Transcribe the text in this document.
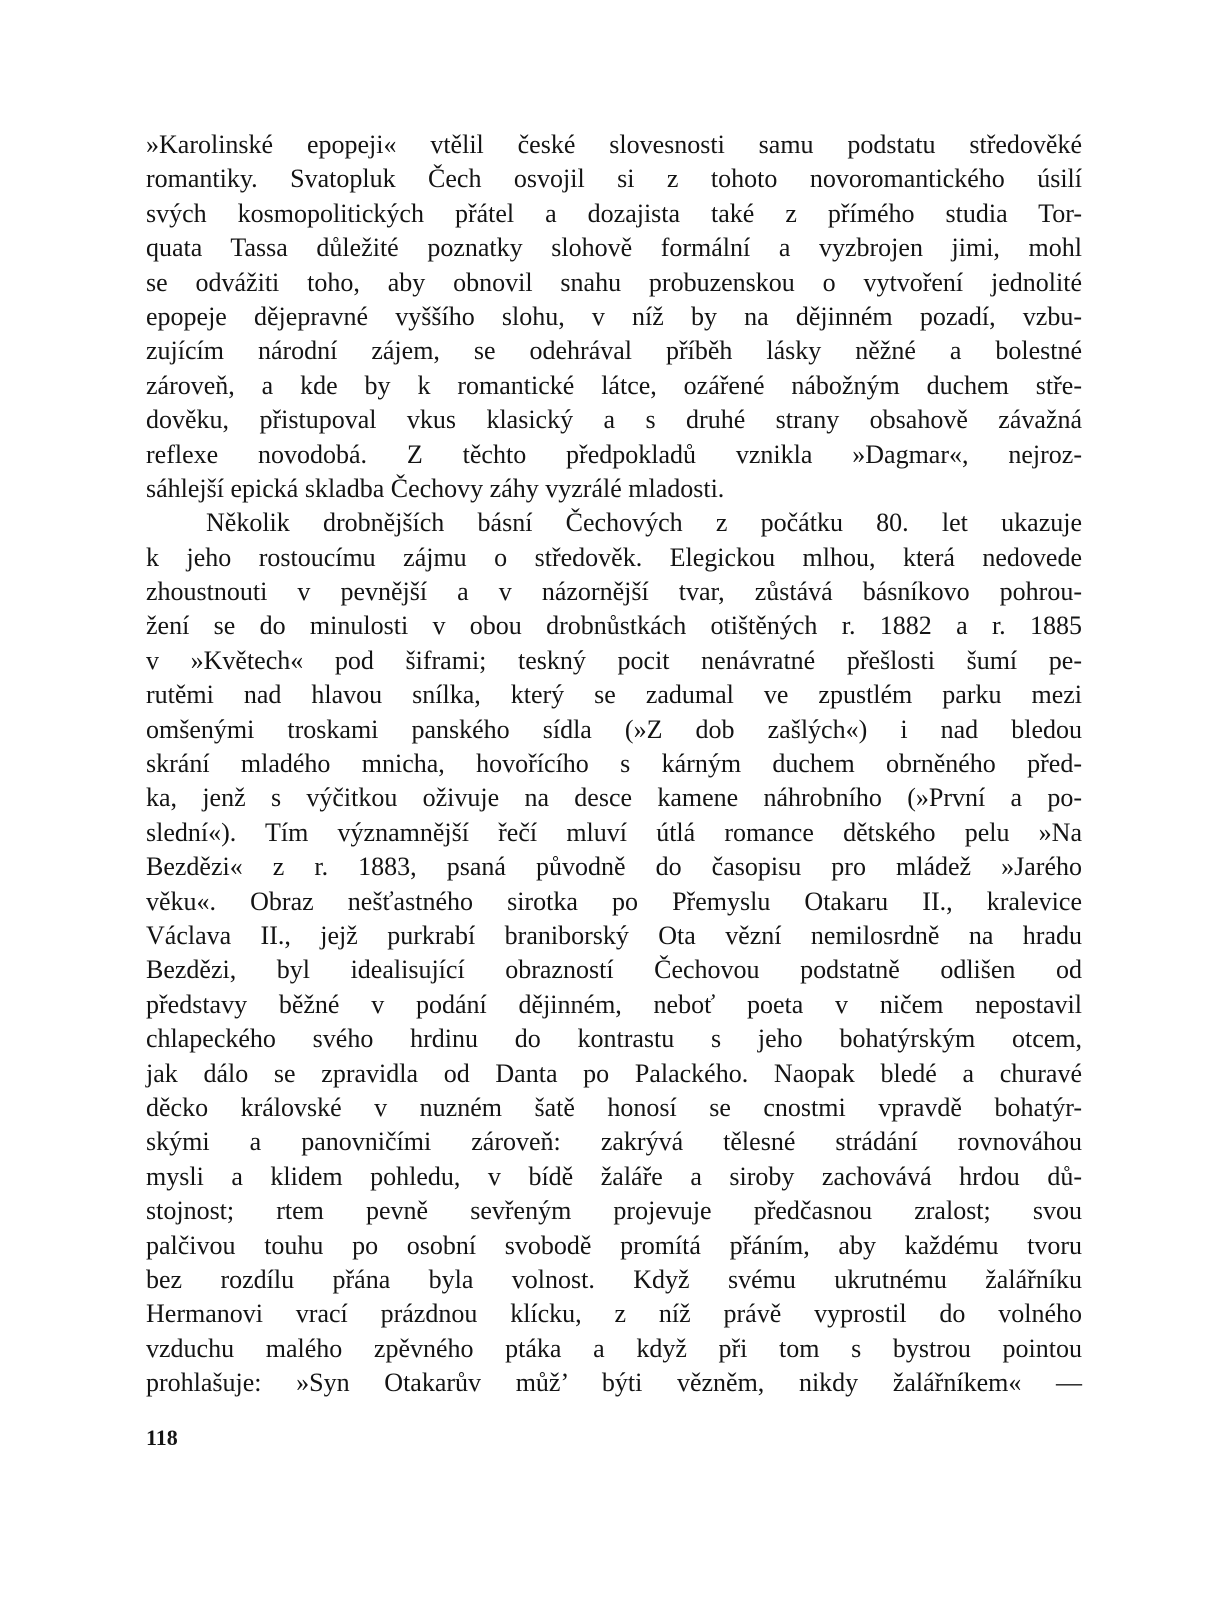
»Karolinské epopeji« vtělil české slovesnosti samu podstatu středověké
romantiky. Svatopluk Čech osvojil si z tohoto novoromantického úsilí
svých kosmopolitických přátel a dozajista také z přímého studia Tor-
quata Tassa důležité poznatky slohově formální a vyzbrojen jimi, mohl
se odvážiti toho, aby obnovil snahu probuzenskou o vytvoření jednolité
epopeje dějepravné vyššího slohu, v níž by na dějinném pozadí, vzbu-
zujícím národní zájem, se odehrával příběh lásky něžné a bolestné
zároveň, a kde by k romantické látce, ozářené nábožným duchem stře-
dověku, přistupoval vkus klasický a s druhé strany obsahově závažná
reflexe novodobá. Z těchto předpokladů vznikla »Dagmar«, nejroz-
sáhlejší epická skladba Čechovy záhy vyzrálé mladosti.
Několik drobnějších básní Čechových z počátku 80. let ukazuje
k jeho rostoucímu zájmu o středověk. Elegickou mlhou, která nedovede
zhoustnouti v pevnější a v názornější tvar, zůstává básníkovo pohrou-
žení se do minulosti v obou drobnůstkách otištěných r. 1882 a r. 1885
v »Květech« pod šiframi; teskný pocit nenávratné přešlosti šumí pe-
rutěmi nad hlavou snílka, který se zadumal ve zpustlém parku mezi
omšenými troskami panského sídla (»Z dob zašlých«) i nad bledou
skrání mladého mnicha, hovořícího s kárným duchem obrněného před-
ka, jenž s výčitkou oživuje na desce kamene náhrobního (»První a po-
slední«). Tím významnější řečí mluví útlá romance dětského pelu »Na
Bezdězi« z r. 1883, psaná původně do časopisu pro mládež »Jarého
věku«. Obraz nešťastného sirotka po Přemyslu Otakaru II., kralevice
Václava II., jejž purkrabí braniborský Ota vězní nemilosrdně na hradu
Bezdězi, byl idealisující obrazností Čechovou podstatně odlišen od
představy běžné v podání dějinném, neboť poeta v ničem nepostavil
chlapeckého svého hrdinu do kontrastu s jeho bohatýrským otcem,
jak dálo se zpravidla od Danta po Palackého. Naopak bledé a churavé
děcko královské v nuzném šatě honosí se cnostmi vpravdě bohatýr-
skými a panovničími zároveň: zakrývá tělesné strádání rovnováhou
mysli a klidem pohledu, v bídě žaláře a siroby zachovává hrdou dů-
stojnost; rtem pevně sevřeným projevuje předčasnou zralost; svou
palčivou touhu po osobní svobodě promítá přáním, aby každému tvoru
bez rozdílu přána byla volnost. Když svému ukrutnému žalářníku
Hermanovi vrací prázdnou klícku, z níž právě vyprostil do volného
vzduchu malého zpěvného ptáka a když při tom s bystrou pointou
prohlašuje: »Syn Otakarův můž’ býti vězněm, nikdy žalářníkem« —
118
